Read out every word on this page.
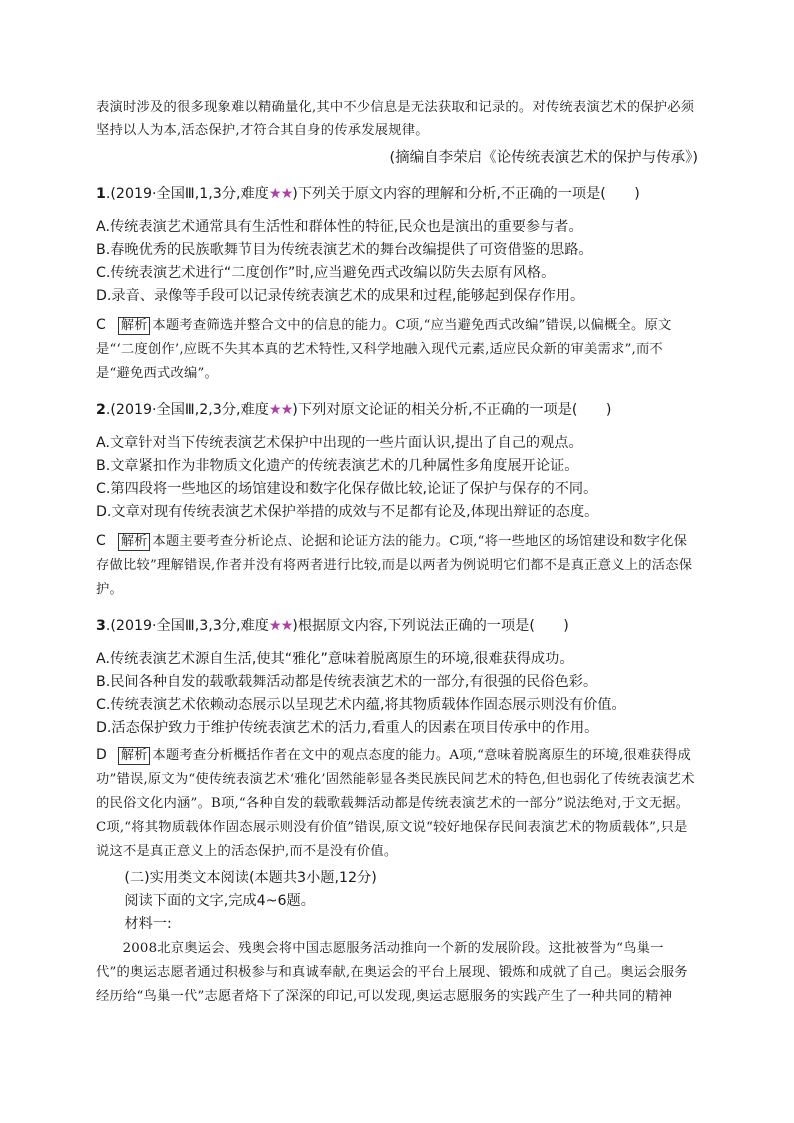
表演时涉及的很多现象难以精确量化,其中不少信息是无法获取和记录的。对传统表演艺术的保护必须坚持以人为本,活态保护,才符合其自身的传承发展规律。

(摘编自李荣启《论传统表演艺术的保护与传承》)
1.(2019·全国Ⅲ,1,3分,难度★★)下列关于原文内容的理解和分析,不正确的一项是(　　)

A.传统表演艺术通常具有生活性和群体性的特征,民众也是演出的重要参与者。

B.春晚优秀的民族歌舞节目为传统表演艺术的舞台改编提供了可资借鉴的思路。

C.传统表演艺术进行“二度创作”时,应当避免西式改编以防失去原有风格。

D.录音、录像等手段可以记录传统表演艺术的成果和过程,能够起到保存作用。

C 解析 本题考查筛选并整合文中的信息的能力。C项,“应当避免西式改编”错误,以偏概全。原文是“‘二度创作’,应既不失其本真的艺术特性,又科学地融入现代元素,适应民众新的审美需求”,而不是“避免西式改编”。

2.(2019·全国Ⅲ,2,3分,难度★★)下列对原文论证的相关分析,不正确的一项是(　　)

A.文章针对当下传统表演艺术保护中出现的一些片面认识,提出了自己的观点。

B.文章紧扣作为非物质文化遗产的传统表演艺术的几种属性多角度展开论证。

C.第四段将一些地区的场馆建设和数字化保存做比较,论证了保护与保存的不同。

D.文章对现有传统表演艺术保护举措的成效与不足都有论及,体现出辩证的态度。

C 解析 本题主要考查分析论点、论据和论证方法的能力。C项,“将一些地区的场馆建设和数字化保存做比较”理解错误,作者并没有将两者进行比较,而是以两者为例说明它们都不是真正意义上的活态保护。

3.(2019·全国Ⅲ,3,3分,难度★★)根据原文内容,下列说法正确的一项是(　　)

A.传统表演艺术源自生活,使其“雅化”意味着脱离原生的环境,很难获得成功。

B.民间各种自发的载歌载舞活动都是传统表演艺术的一部分,有很强的民俗色彩。

C.传统表演艺术依赖动态展示以呈现艺术内蕴,将其物质载体作固态展示则没有价值。

D.活态保护致力于维护传统表演艺术的活力,看重人的因素在项目传承中的作用。

D 解析 本题考查分析概括作者在文中的观点态度的能力。A项,“意味着脱离原生的环境,很难获得成功”错误,原文为“使传统表演艺术‘雅化’固然能彰显各类民族民间艺术的特色,但也弱化了传统表演艺术的民俗文化内涵”。B项,“各种自发的载歌载舞活动都是传统表演艺术的一部分”说法绝对,于文无据。C项,“将其物质载体作固态展示则没有价值”错误,原文说“较好地保存民间表演艺术的物质载体”,只是说这不是真正意义上的活态保护,而不是没有价值。

(二)实用类文本阅读(本题共3小题,12分)

阅读下面的文字,完成4~6题。

材料一:

2008北京奥运会、残奥会将中国志愿服务活动推向一个新的发展阶段。这批被誉为“鸟巢一代”的奥运志愿者通过积极参与和真诚奉献,在奥运会的平台上展现、锻炼和成就了自己。奥运会服务经历给“鸟巢一代”志愿者烙下了深深的印记,可以发现,奥运志愿服务的实践产生了一种共同的精神
